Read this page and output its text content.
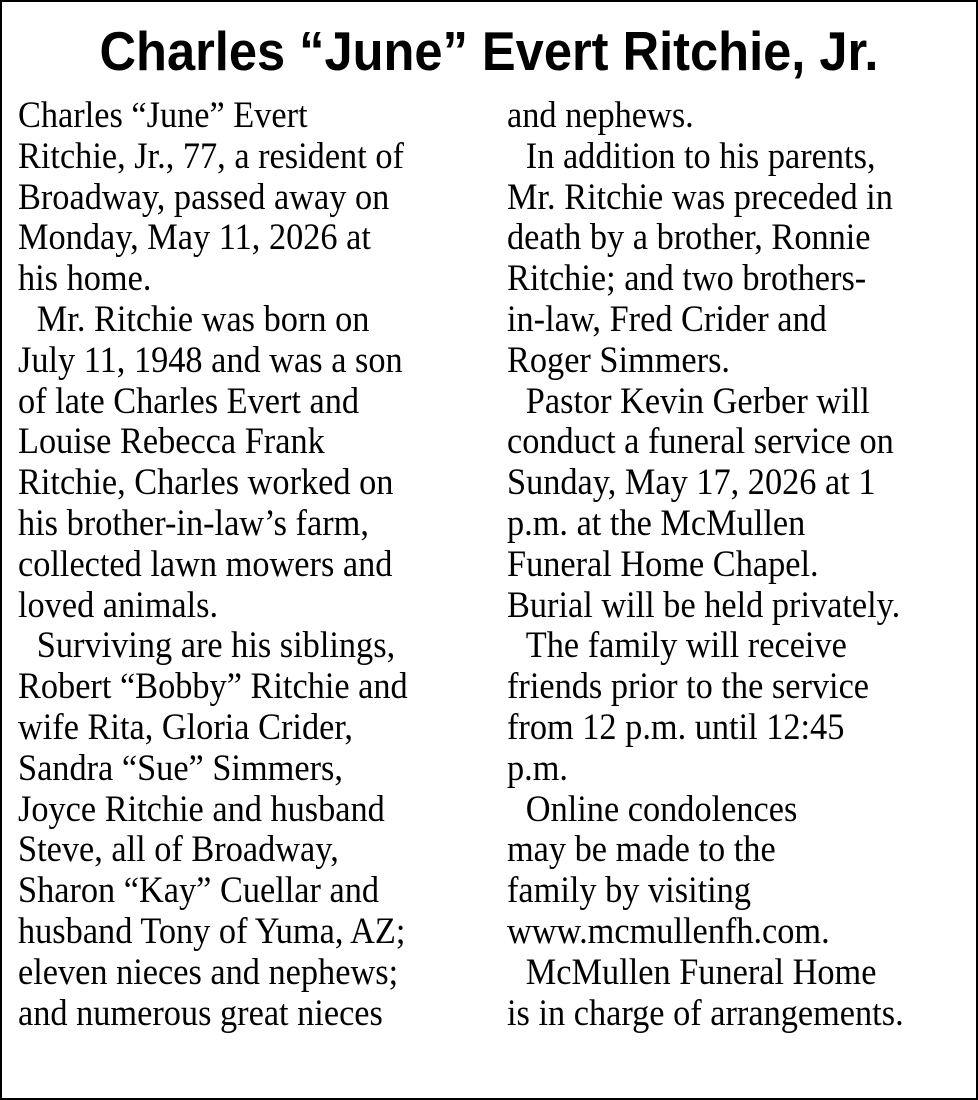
Charles “June” Evert Ritchie, Jr.
Charles “June” Evert
Ritchie, Jr., 77, a resident of
Broadway, passed away on
Monday, May 11, 2026 at
his home.
Mr. Ritchie was born on
July 11, 1948 and was a son
of late Charles Evert and
Louise Rebecca Frank
Ritchie, Charles worked on
his brother-in-law’s farm,
collected lawn mowers and
loved animals.
Surviving are his siblings,
Robert “Bobby” Ritchie and
wife Rita, Gloria Crider,
Sandra “Sue” Simmers,
Joyce Ritchie and husband
Steve, all of Broadway,
Sharon “Kay” Cuellar and
husband Tony of Yuma, AZ;
eleven nieces and nephews;
and numerous great nieces
and nephews.
In addition to his parents,
Mr. Ritchie was preceded in
death by a brother, Ronnie
Ritchie; and two brothers-
in-law, Fred Crider and
Roger Simmers.
Pastor Kevin Gerber will
conduct a funeral service on
Sunday, May 17, 2026 at 1
p.m. at the McMullen
Funeral Home Chapel.
Burial will be held privately.
The family will receive
friends prior to the service
from 12 p.m. until 12:45
p.m.
Online condolences
may be made to the
family by visiting
www.mcmullenfh.com.
McMullen Funeral Home
is in charge of arrangements.
